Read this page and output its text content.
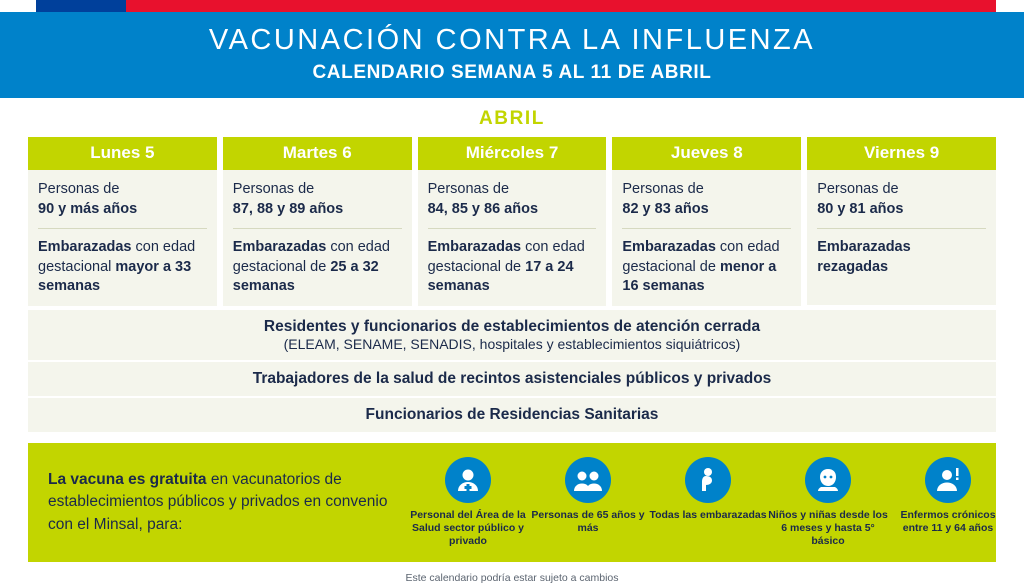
VACUNACIÓN CONTRA LA INFLUENZA
CALENDARIO SEMANA 5 AL 11 DE ABRIL
ABRIL
Lunes 5
Personas de
90 y más años
Embarazadas con edad gestacional mayor a 33 semanas
Martes 6
Personas de
87, 88 y 89 años
Embarazadas con edad gestacional de 25 a 32 semanas
Miércoles 7
Personas de
84, 85 y 86 años
Embarazadas con edad gestacional de 17 a 24 semanas
Jueves 8
Personas de
82 y 83 años
Embarazadas con edad gestacional de menor a 16 semanas
Viernes 9
Personas de
80 y 81 años
Embarazadas
rezagadas
Residentes y funcionarios de establecimientos de atención cerrada
(ELEAM, SENAME, SENADIS, hospitales y establecimientos siquiátricos)
Trabajadores de la salud de recintos asistenciales públicos y privados
Funcionarios de Residencias Sanitarias
La vacuna es gratuita en vacunatorios de establecimientos públicos y privados en convenio con el Minsal, para:
Personal del Área de la Salud sector público y privado
Personas de 65 años y más
Todas las embarazadas Niños y niñas desde los 6 meses y hasta 5° básico
Enfermos crónicos entre 11 y 64 años
Este calendario podría estar sujeto a cambios
